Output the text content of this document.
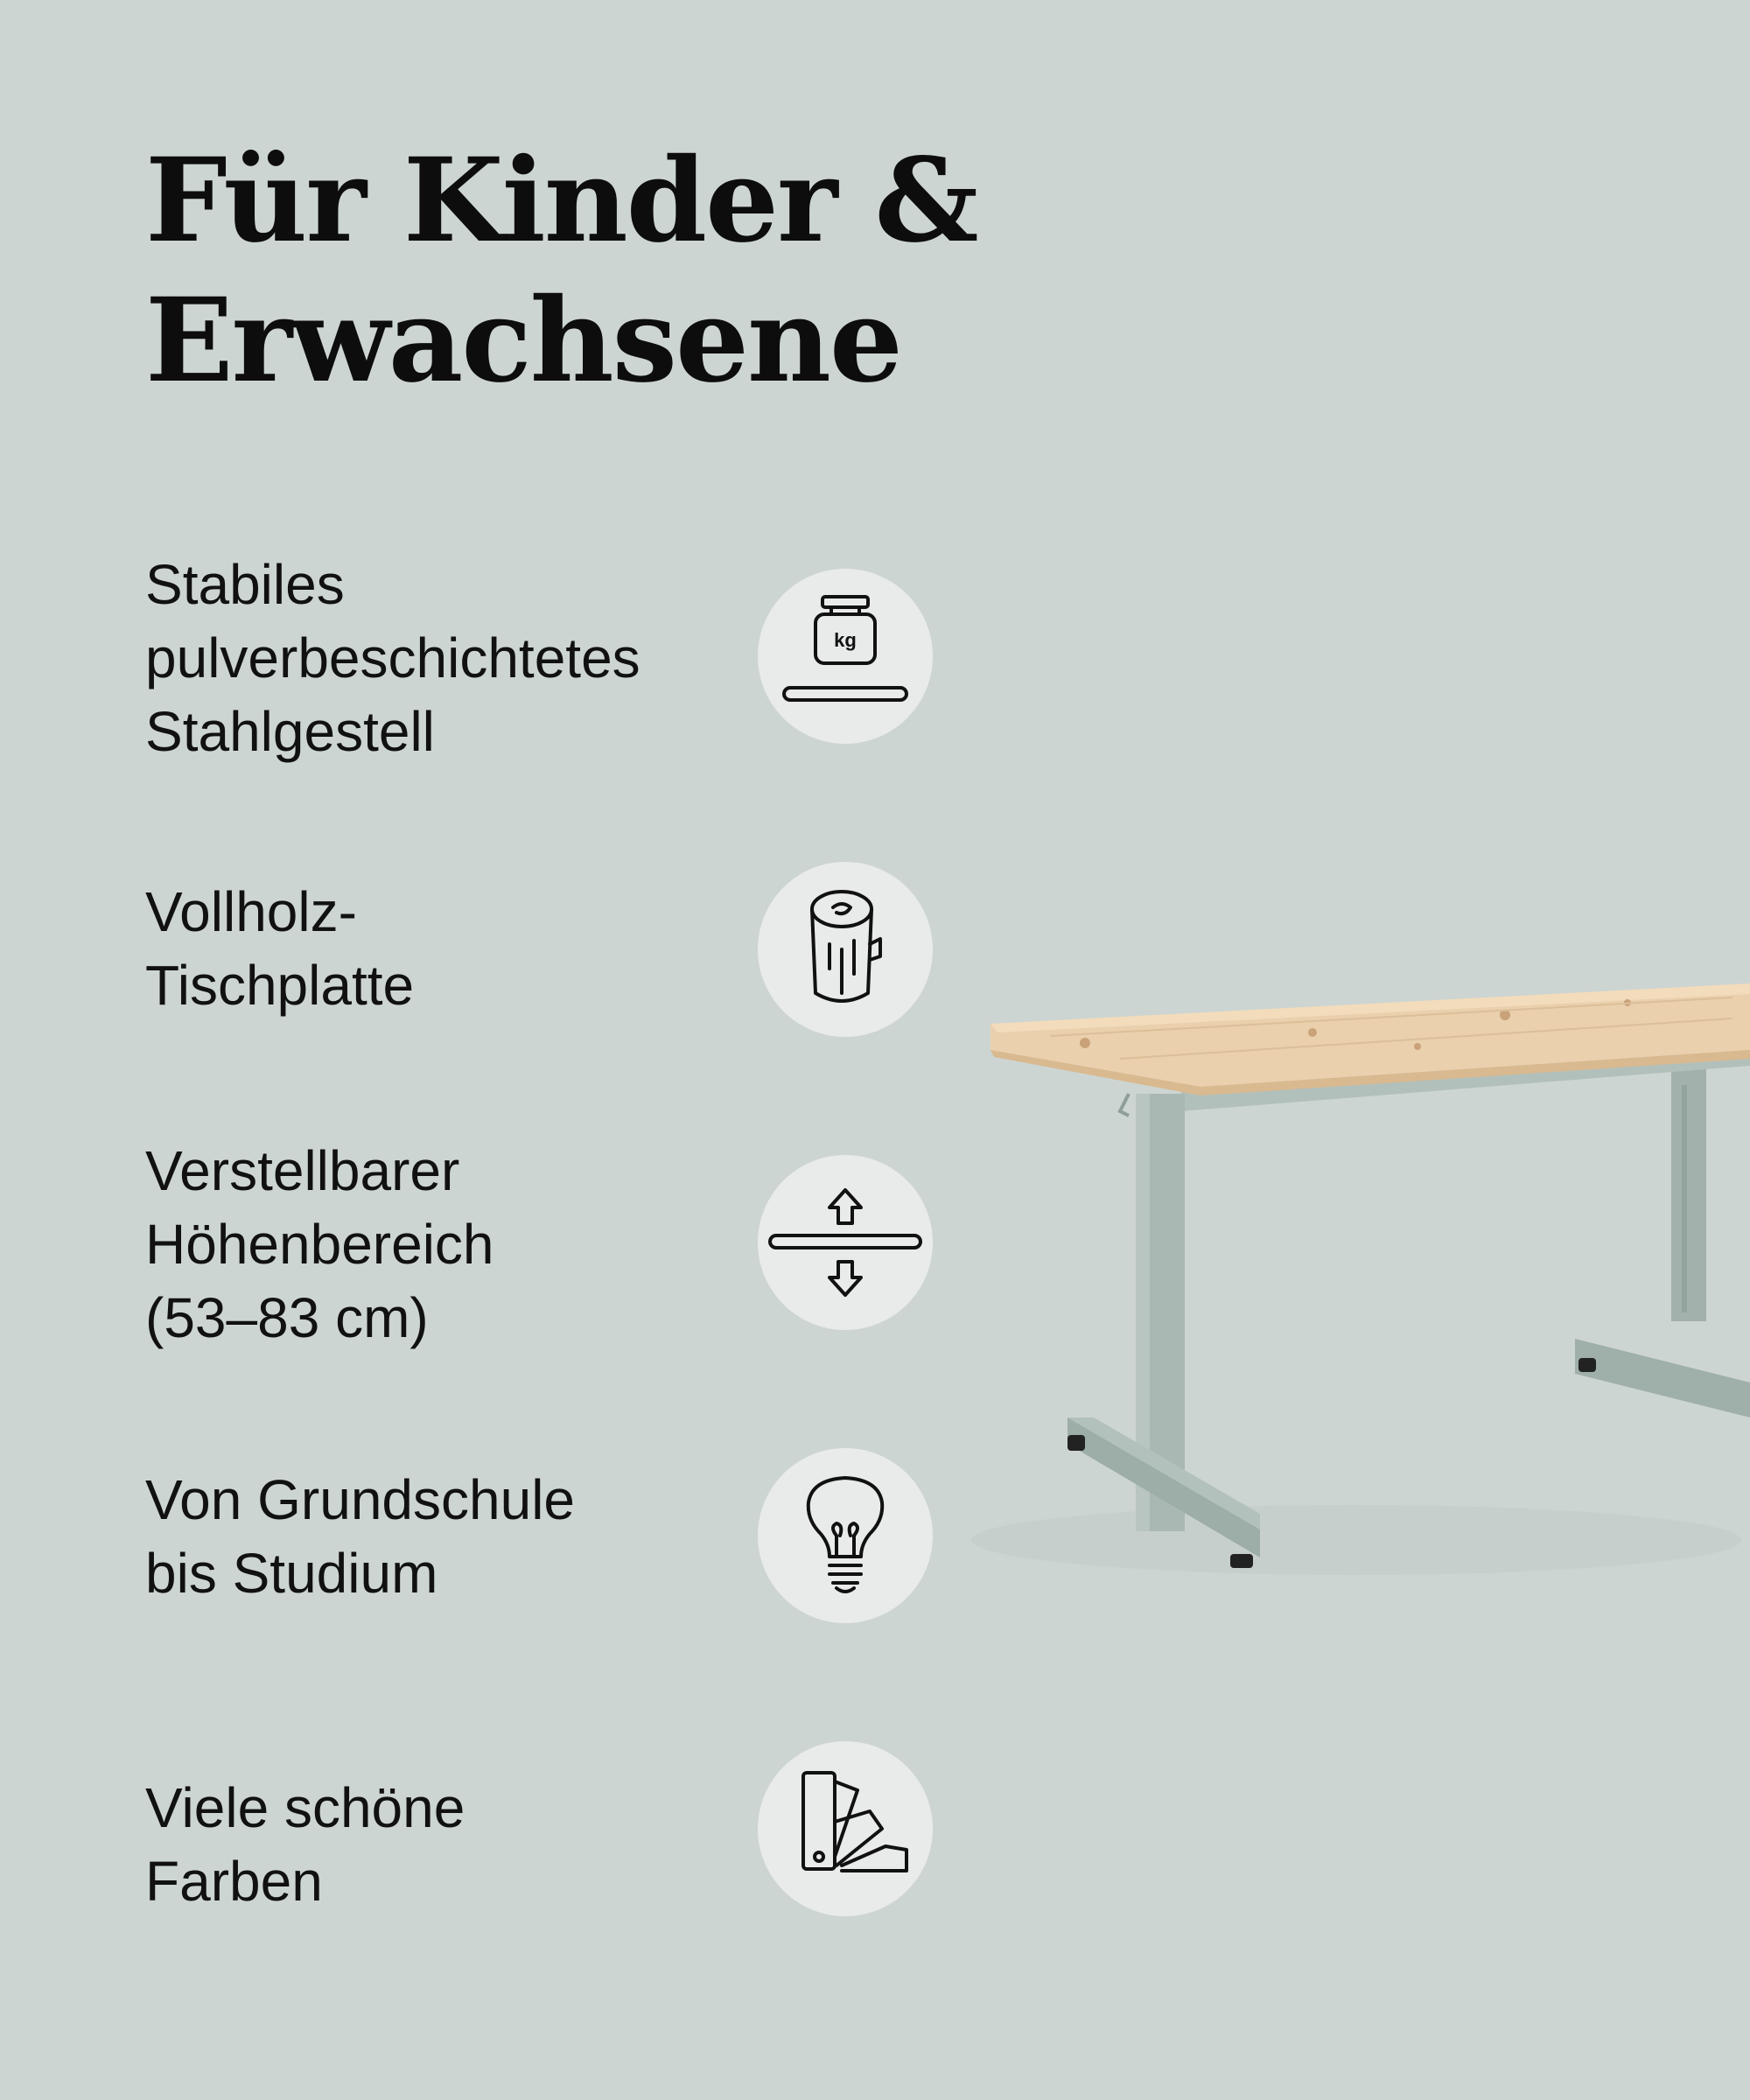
Für Kinder &
Erwachsene
Stabiles
pulverbeschichtetes
Stahlgestell
kg
Vollholz-
Tischplatte
Verstellbarer
Höhenbereich
(53–83 cm)
Von Grundschule
bis Studium
Viele schöne
Farben
